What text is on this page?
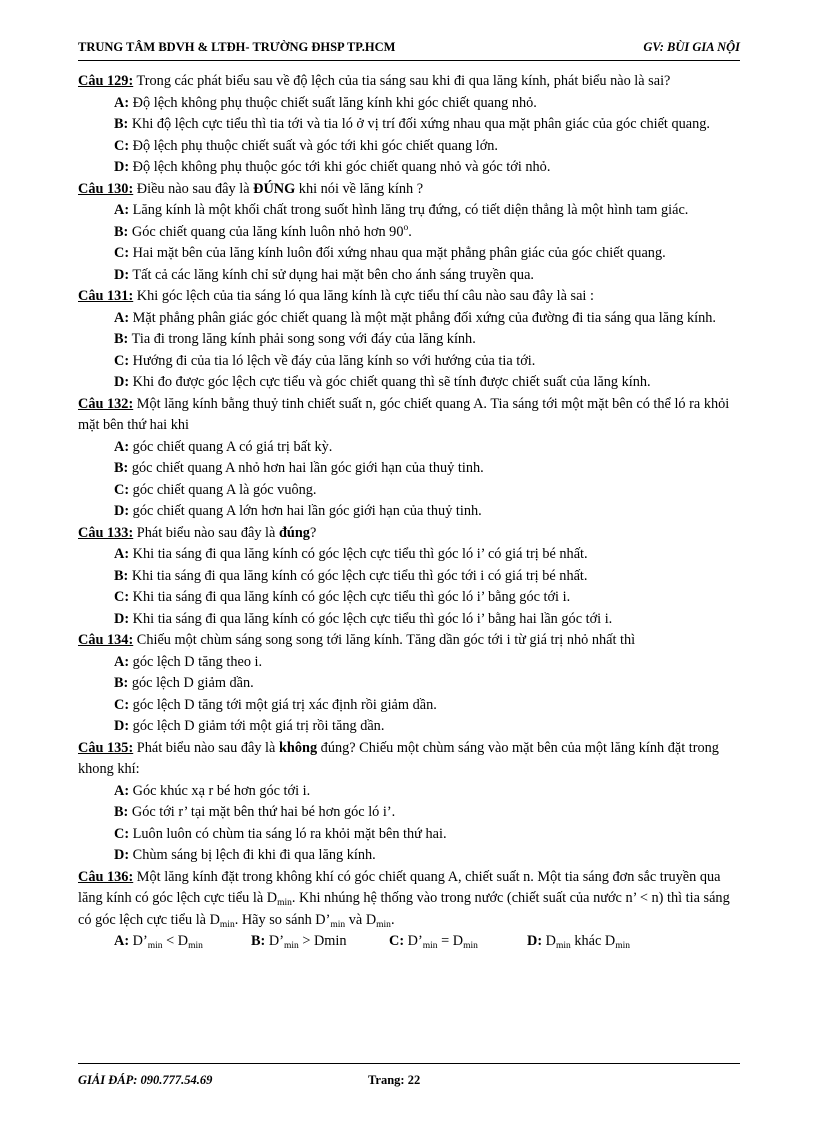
TRUNG TÂM BDVH & LTĐH- TRƯỜNG ĐHSP TP.HCM	GV: BÙI GIA NỘI

Câu 129: Trong các phát biểu sau về độ lệch của tia sáng sau khi đi qua lăng kính, phát biểu nào là sai?

A: Độ lệch không phụ thuộc chiết suất lăng kính khi góc chiết quang nhỏ.

B: Khi độ lệch cực tiểu thì tia tới và tia ló ở vị trí đối xứng nhau qua mặt phân giác của góc chiết quang.

C: Độ lệch phụ thuộc chiết suất và góc tới khi góc chiết quang lớn.

D: Độ lệch không phụ thuộc góc tới khi góc chiết quang nhỏ và góc tới nhỏ.

Câu 130: Điều nào sau đây là ĐÚNG khi nói về lăng kính ?

A: Lăng kính là một khối chất trong suốt hình lăng trụ đứng, có tiết diện thẳng là một hình tam giác.

B: Góc chiết quang của lăng kính luôn nhỏ hơn 90$^o$.

C: Hai mặt bên của lăng kính luôn đối xứng nhau qua mặt phẳng phân giác của góc chiết quang.

D: Tất cả các lăng kính chỉ sử dụng hai mặt bên cho ánh sáng truyền qua.

Câu 131: Khi góc lệch của tia sáng ló qua lăng kính là cực tiểu thí câu nào sau đây là sai :

A: Mặt phẳng phân giác góc chiết quang là một mặt phẳng đối xứng của đường đi tia sáng qua lăng kính.

B: Tia đi trong lăng kính phải song song với đáy của lăng kính.

C: Hướng đi của tia ló lệch về đáy của lăng kính so với hướng của tia tới.

D: Khi đo được góc lệch cực tiểu và góc chiết quang thì sẽ tính được chiết suất của lăng kính.

Câu 132: Một lăng kính bằng thuỷ tinh chiết suất n, góc chiết quang A. Tia sáng tới một mặt bên có thể ló ra khỏi mặt bên thứ hai khi

A: góc chiết quang A có giá trị bất kỳ.

B: góc chiết quang A nhỏ hơn hai lần góc giới hạn của thuỷ tinh.

C: góc chiết quang A là góc vuông.

D: góc chiết quang A lớn hơn hai lần góc giới hạn của thuỷ tinh.

Câu 133: Phát biểu nào sau đây là đúng?

A: Khi tia sáng đi qua lăng kính có góc lệch cực tiểu thì góc ló i’ có giá trị bé nhất.

B: Khi tia sáng đi qua lăng kính có góc lệch cực tiểu thì góc tới i có giá trị bé nhất.

C: Khi tia sáng đi qua lăng kính có góc lệch cực tiểu thì góc ló i’ bằng góc tới i.

D: Khi tia sáng đi qua lăng kính có góc lệch cực tiểu thì góc ló i’ bằng hai lần góc tới i.

Câu 134: Chiếu một chùm sáng song song tới lăng kính. Tăng dần góc tới i từ giá trị nhỏ nhất thì

A: góc lệch D tăng theo i.

B: góc lệch D giảm dần.

C: góc lệch D tăng tới một giá trị xác định rồi giảm dần.

D: góc lệch D giảm tới một giá trị rồi tăng dần.

Câu 135: Phát biểu nào sau đây là không đúng? Chiếu một chùm sáng vào mặt bên của một lăng kính đặt trong khong khí:

A: Góc khúc xạ r bé hơn góc tới i.

B: Góc tới r’ tại mặt bên thứ hai bé hơn góc ló i’.

C: Luôn luôn có chùm tia sáng ló ra khỏi mặt bên thứ hai.

D: Chùm sáng bị lệch đi khi đi qua lăng kính.

Câu 136: Một lăng kính đặt trong không khí có góc chiết quang A, chiết suất n. Một tia sáng đơn sắc truyền qua lăng kính có góc lệch cực tiểu là $D_{min}$. Khi nhúng hệ thống vào trong nước (chiết suất của nước n’ < n) thì tia sáng có góc lệch cực tiểu là $D_{min}$. Hãy so sánh $D’_{min}$ và $D_{min}$.

A: $D’_{min} < D_{min}$	B: $D’_{min} > Dmin$	C: $D’_{min} = D_{min}$	D: $D_{min}$ khác $D_{min}$
GIẢI ĐÁP: 090.777.54.69	Trang: 22
